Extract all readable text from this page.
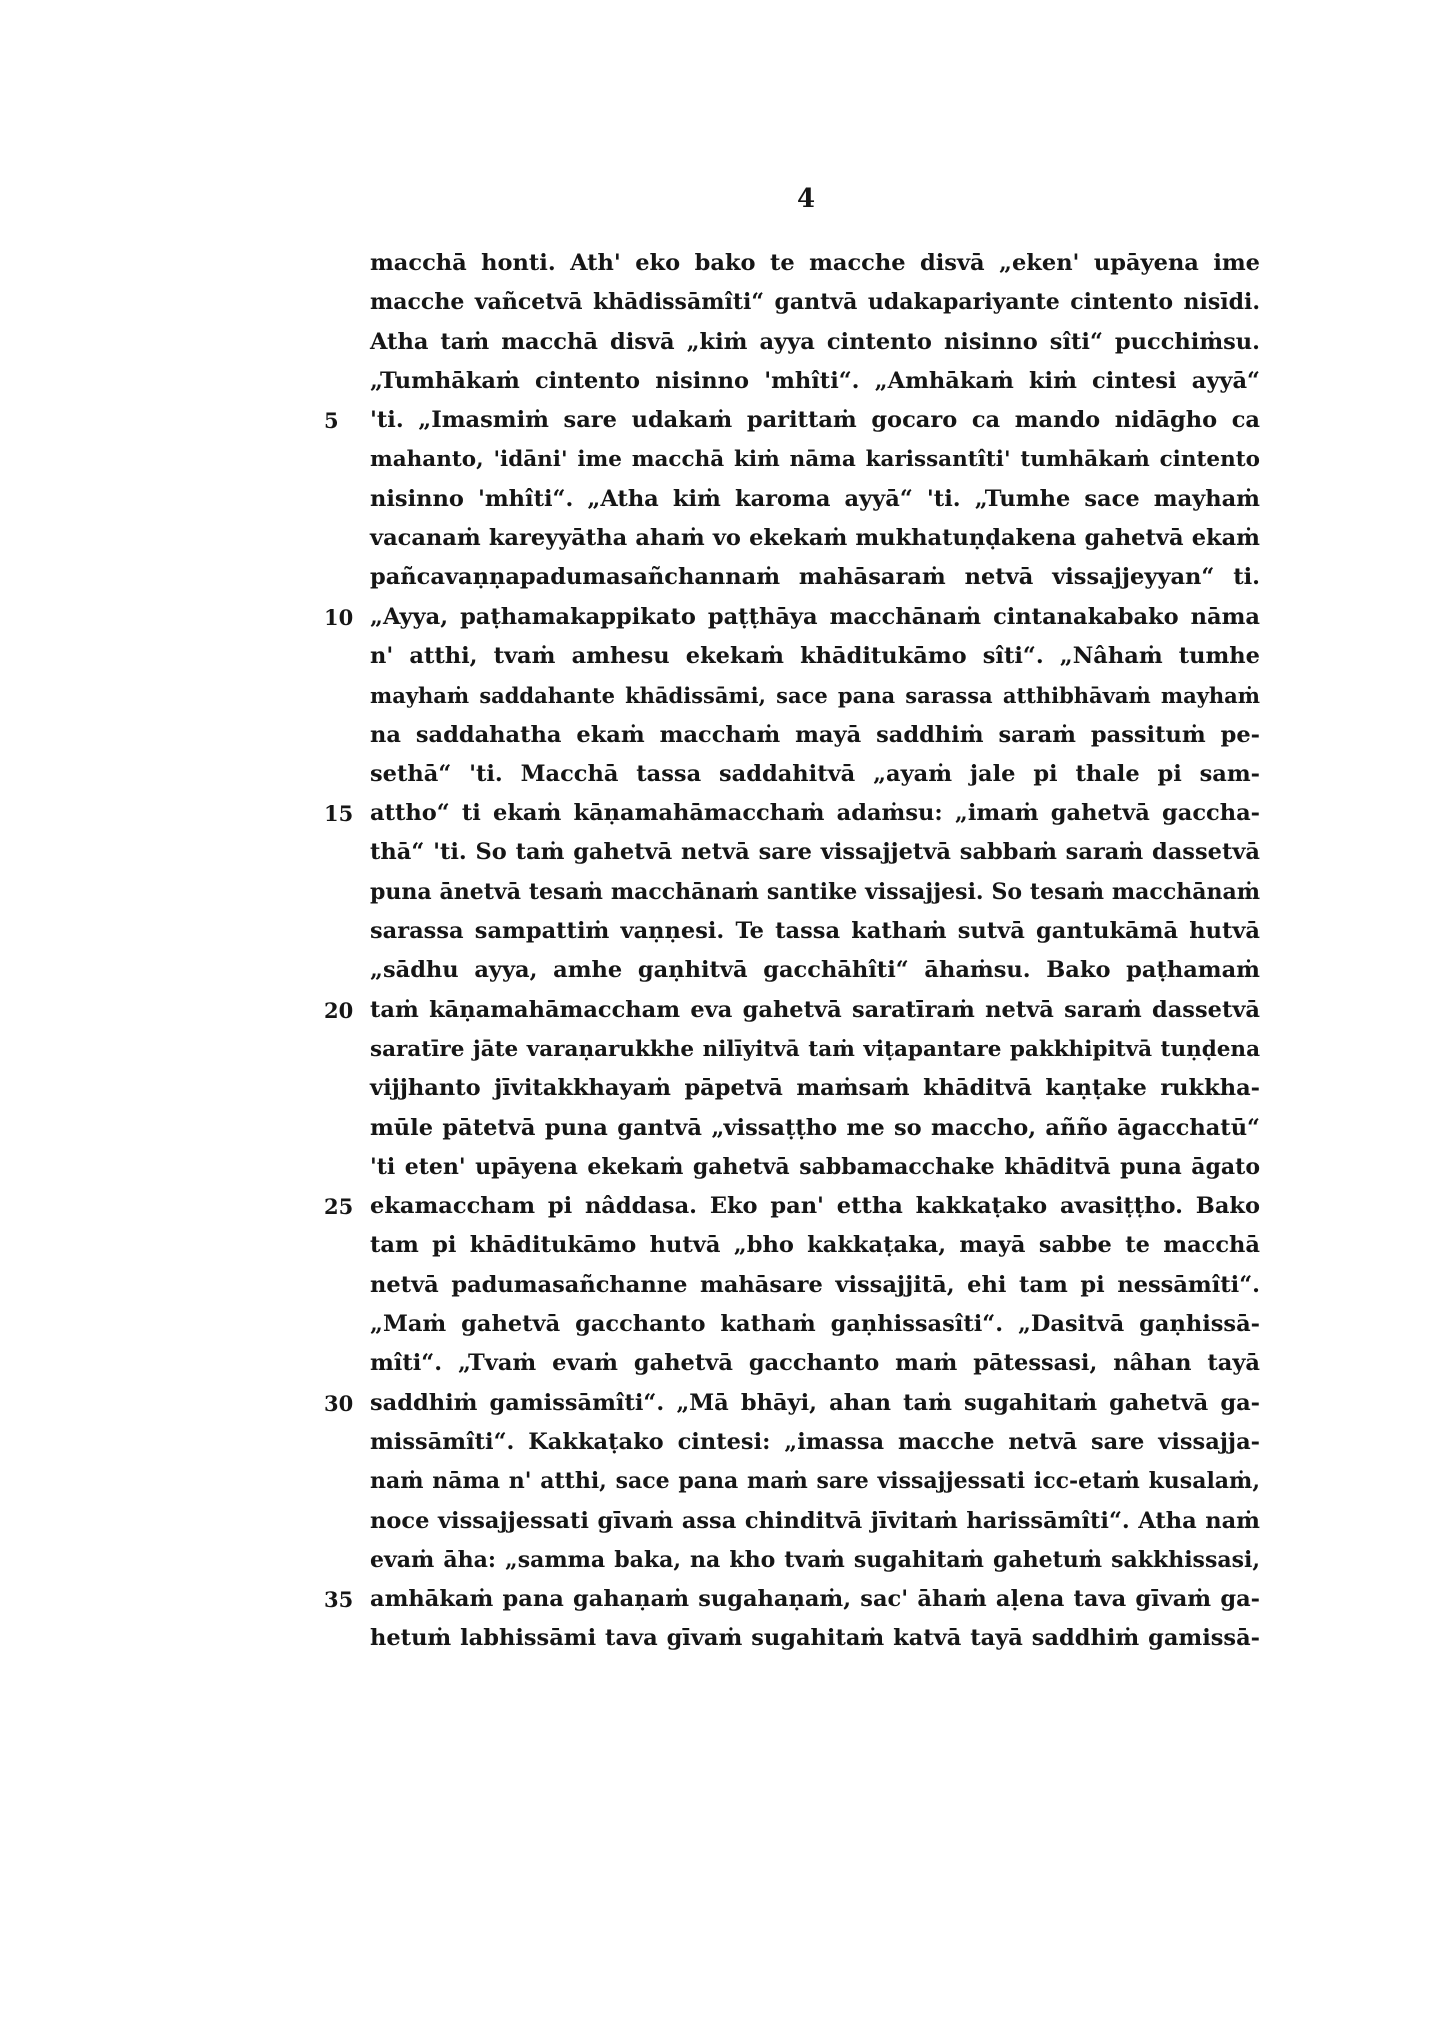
4
macchā honti. Ath' eko bako te macche disvā „eken' upāyena ime
macche vañcetvā khādissāmîti“ gantvā udakapariyante cintento nisīdi.
Atha taṁ macchā disvā „kiṁ ayya cintento nisinno sîti“ pucchiṁsu.
„Tumhākaṁ cintento nisinno 'mhîti“. „Amhākaṁ kiṁ cintesi ayyā“
5	'ti. „Imasmiṁ sare udakaṁ parittaṁ gocaro ca mando nidāgho ca
mahanto, 'idāni' ime macchā kiṁ nāma karissantîti' tumhākaṁ cintento
nisinno 'mhîti“. „Atha kiṁ karoma ayyā“ 'ti. „Tumhe sace mayhaṁ
vacanaṁ kareyyātha ahaṁ vo ekekaṁ mukhatuṇḍakena gahetvā ekaṁ
pañcavaṇṇapadumasañchannaṁ mahāsaraṁ netvā vissajjeyyan“ ti.
10 „Ayya, paṭhamakappikato paṭṭhāya macchānaṁ cintanakabako nāma
n' atthi, tvaṁ amhesu ekekaṁ khāditukāmo sîti“. „Nâhaṁ tumhe
mayhaṁ saddahante khādissāmi, sace pana sarassa atthibhāvaṁ mayhaṁ
na saddahatha ekaṁ macchaṁ mayā saddhiṁ saraṁ passituṁ pe-
sethā“ 'ti. Macchā tassa saddahitvā „ayaṁ jale pi thale pi sam-
15 attho“ ti ekaṁ kāṇamahāmacchaṁ adaṁsu: „imaṁ gahetvā gaccha-
thā“ 'ti. So taṁ gahetvā netvā sare vissajjetvā sabbaṁ saraṁ dassetvā
puna ānetvā tesaṁ macchānaṁ santike vissajjesi. So tesaṁ macchānaṁ
sarassa sampattiṁ vaṇṇesi. Te tassa kathaṁ sutvā gantukāmā hutvā
„sādhu ayya, amhe gaṇhitvā gacchāhîti“ āhaṁsu. Bako paṭhamaṁ
20 taṁ kāṇamahāmaccham eva gahetvā saratīraṁ netvā saraṁ dassetvā
saratīre jāte varaṇarukkhe nilīyitvā taṁ viṭapantare pakkhipitvā tuṇḍena
vijjhanto jīvitakkhayaṁ pāpetvā maṁsaṁ khāditvā kaṇṭake rukkha-
mūle pātetvā puna gantvā „vissaṭṭho me so maccho, añño āgacchatū“
'ti eten' upāyena ekekaṁ gahetvā sabbamacchake khāditvā puna āgato
25 ekamaccham pi nâddasa. Eko pan' ettha kakkaṭako avasiṭṭho. Bako
tam pi khāditukāmo hutvā „bho kakkaṭaka, mayā sabbe te macchā
netvā padumasañchanne mahāsare vissajjitā, ehi tam pi nessāmîti“.
„Maṁ gahetvā gacchanto kathaṁ gaṇhissasîti“. „Dasitvā gaṇhissā-
mîti“. „Tvaṁ evaṁ gahetvā gacchanto maṁ pātessasi, nâhan tayā
30 saddhiṁ gamissāmîti“. „Mā bhāyi, ahan taṁ sugahitaṁ gahetvā ga-
missāmîti“. Kakkaṭako cintesi: „imassa macche netvā sare vissajja-
naṁ nāma n' atthi, sace pana maṁ sare vissajjessati icc-etaṁ kusalaṁ,
noce vissajjessati gīvaṁ assa chinditvā jīvitaṁ harissāmîti“. Atha naṁ
evaṁ āha: „samma baka, na kho tvaṁ sugahitaṁ gahetuṁ sakkhissasi,
35 amhākaṁ pana gahaṇaṁ sugahaṇaṁ, sac' āhaṁ aḷena tava gīvaṁ ga-
hetuṁ labhissāmi tava gīvaṁ sugahitaṁ katvā tayā saddhiṁ gamissā-
